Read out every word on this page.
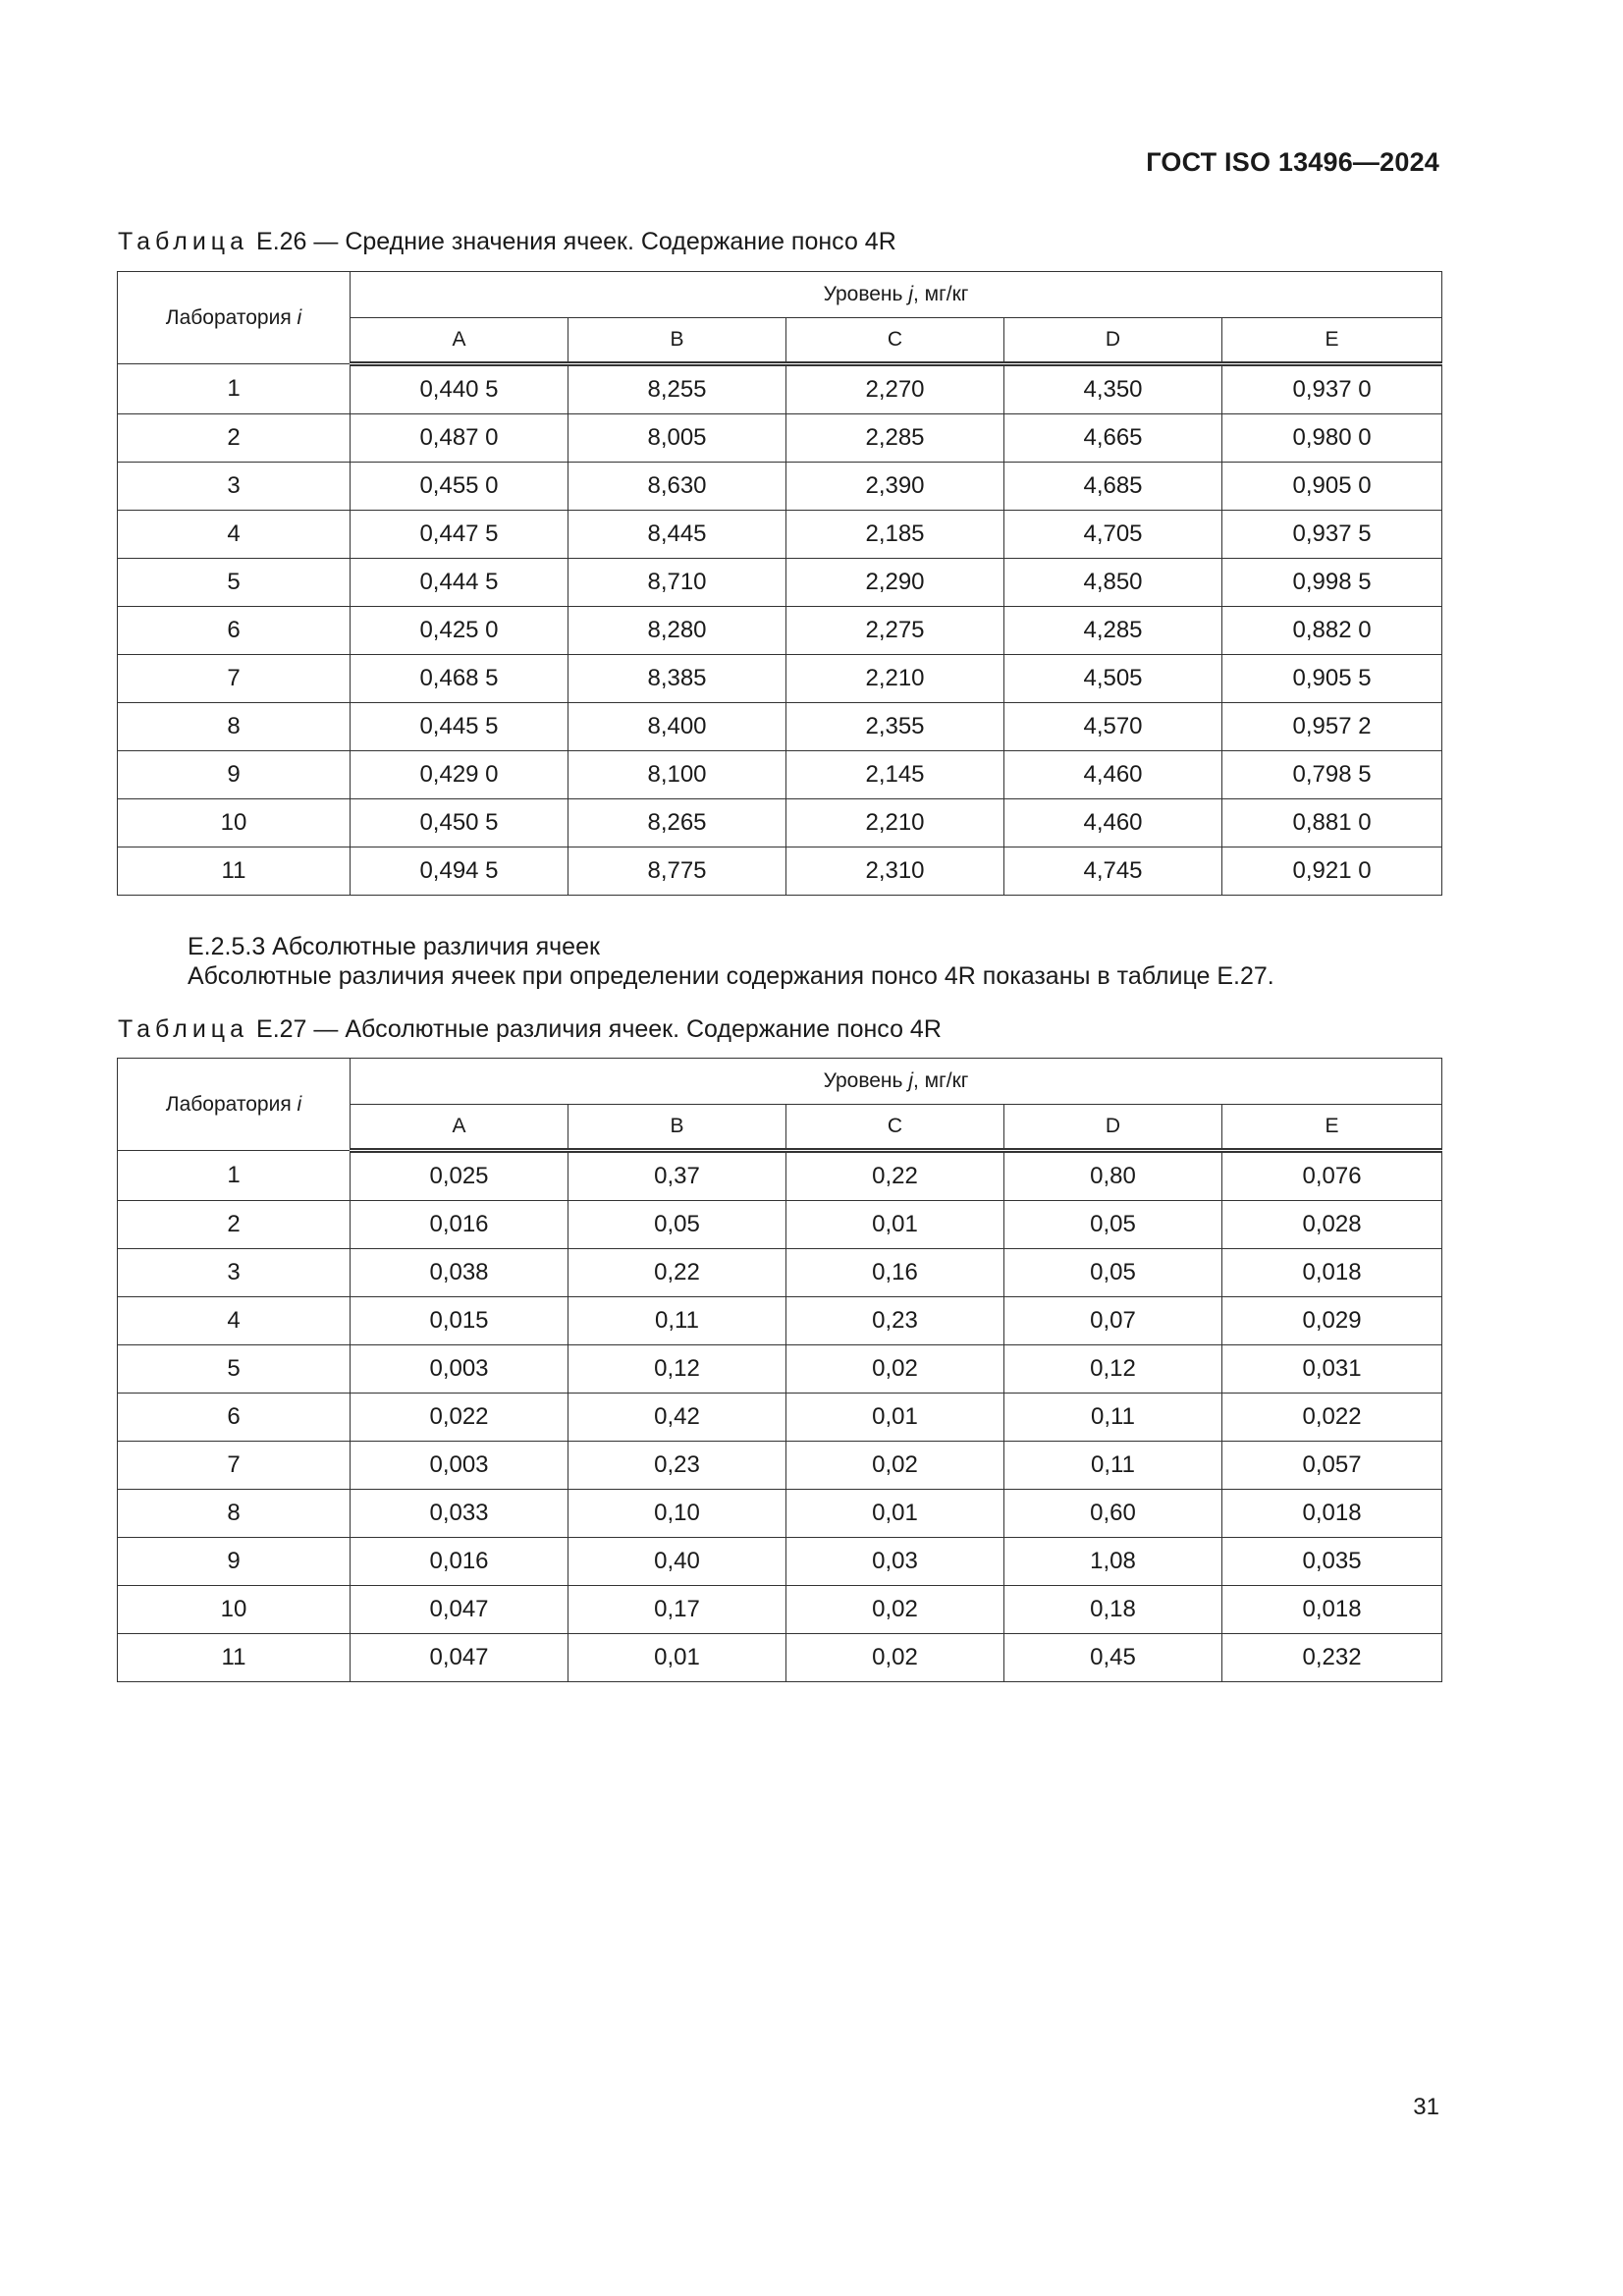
ГОСТ ISO 13496—2024
Таблица Е.26 — Средние значения ячеек. Содержание понсо 4R
Лаборатория i	Уровень j, мг/кг				
	A	B	C	D	E
1	0,440 5	8,255	2,270	4,350	0,937 0
2	0,487 0	8,005	2,285	4,665	0,980 0
3	0,455 0	8,630	2,390	4,685	0,905 0
4	0,447 5	8,445	2,185	4,705	0,937 5
5	0,444 5	8,710	2,290	4,850	0,998 5
6	0,425 0	8,280	2,275	4,285	0,882 0
7	0,468 5	8,385	2,210	4,505	0,905 5
8	0,445 5	8,400	2,355	4,570	0,957 2
9	0,429 0	8,100	2,145	4,460	0,798 5
10	0,450 5	8,265	2,210	4,460	0,881 0
11	0,494 5	8,775	2,310	4,745	0,921 0
Е.2.5.3 Абсолютные различия ячеек
Абсолютные различия ячеек при определении содержания понсо 4R показаны в таблице Е.27.
Таблица Е.27 — Абсолютные различия ячеек. Содержание понсо 4R
Лаборатория i	Уровень j, мг/кг				
	A	B	C	D	E
1	0,025	0,37	0,22	0,80	0,076
2	0,016	0,05	0,01	0,05	0,028
3	0,038	0,22	0,16	0,05	0,018
4	0,015	0,11	0,23	0,07	0,029
5	0,003	0,12	0,02	0,12	0,031
6	0,022	0,42	0,01	0,11	0,022
7	0,003	0,23	0,02	0,11	0,057
8	0,033	0,10	0,01	0,60	0,018
9	0,016	0,40	0,03	1,08	0,035
10	0,047	0,17	0,02	0,18	0,018
11	0,047	0,01	0,02	0,45	0,232
31
